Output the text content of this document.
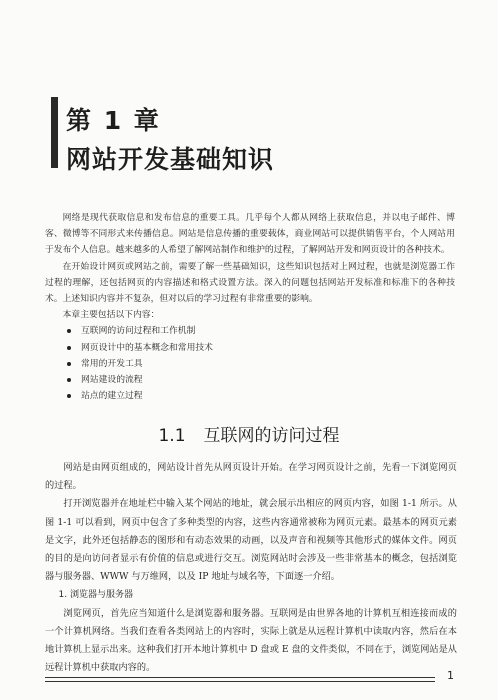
第 1 章
网站开发基础知识

网络是现代获取信息和发布信息的重要工具。几乎每个人都从网络上获取信息，并以电子邮件、博客、微博等不同形式来传播信息。网站是信息传播的重要载体，商业网站可以提供销售平台，个人网站用于发布个人信息。越来越多的人希望了解网站制作和维护的过程，了解网站开发和网页设计的各种技术。

在开始设计网页或网站之前，需要了解一些基础知识，这些知识包括对上网过程，也就是浏览器工作过程的理解，还包括网页的内容描述和格式设置方法。深入的问题包括网站开发标准和标准下的各种技术。上述知识内容并不复杂，但对以后的学习过程有非常重要的影响。

本章主要包括以下内容：

互联网的访问过程和工作机制
网页设计中的基本概念和常用技术
常用的开发工具
网站建设的流程
站点的建立过程
1.1 互联网的访问过程

网站是由网页组成的，网站设计首先从网页设计开始。在学习网页设计之前，先看一下浏览网页的过程。

打开浏览器并在地址栏中输入某个网站的地址，就会展示出相应的网页内容，如图 1-1 所示。从图 1-1 可以看到，网页中包含了多种类型的内容，这些内容通常被称为网页元素。最基本的网页元素是文字，此外还包括静态的图形和有动态效果的动画，以及声音和视频等其他形式的媒体文件。网页的目的是向访问者显示有价值的信息或进行交互。浏览网站时会涉及一些非常基本的概念，包括浏览器与服务器、WWW 与万维网，以及 IP 地址与域名等，下面逐一介绍。

1. 浏览器与服务器

浏览网页，首先应当知道什么是浏览器和服务器。互联网是由世界各地的计算机互相连接而成的一个计算机网络。当我们查看各类网站上的内容时，实际上就是从远程计算机中读取内容，然后在本地计算机上显示出来。这种我们打开本地计算机中 D 盘或 E 盘的文件类似，不同在于，浏览网站是从远程计算机中获取内容的。

1
